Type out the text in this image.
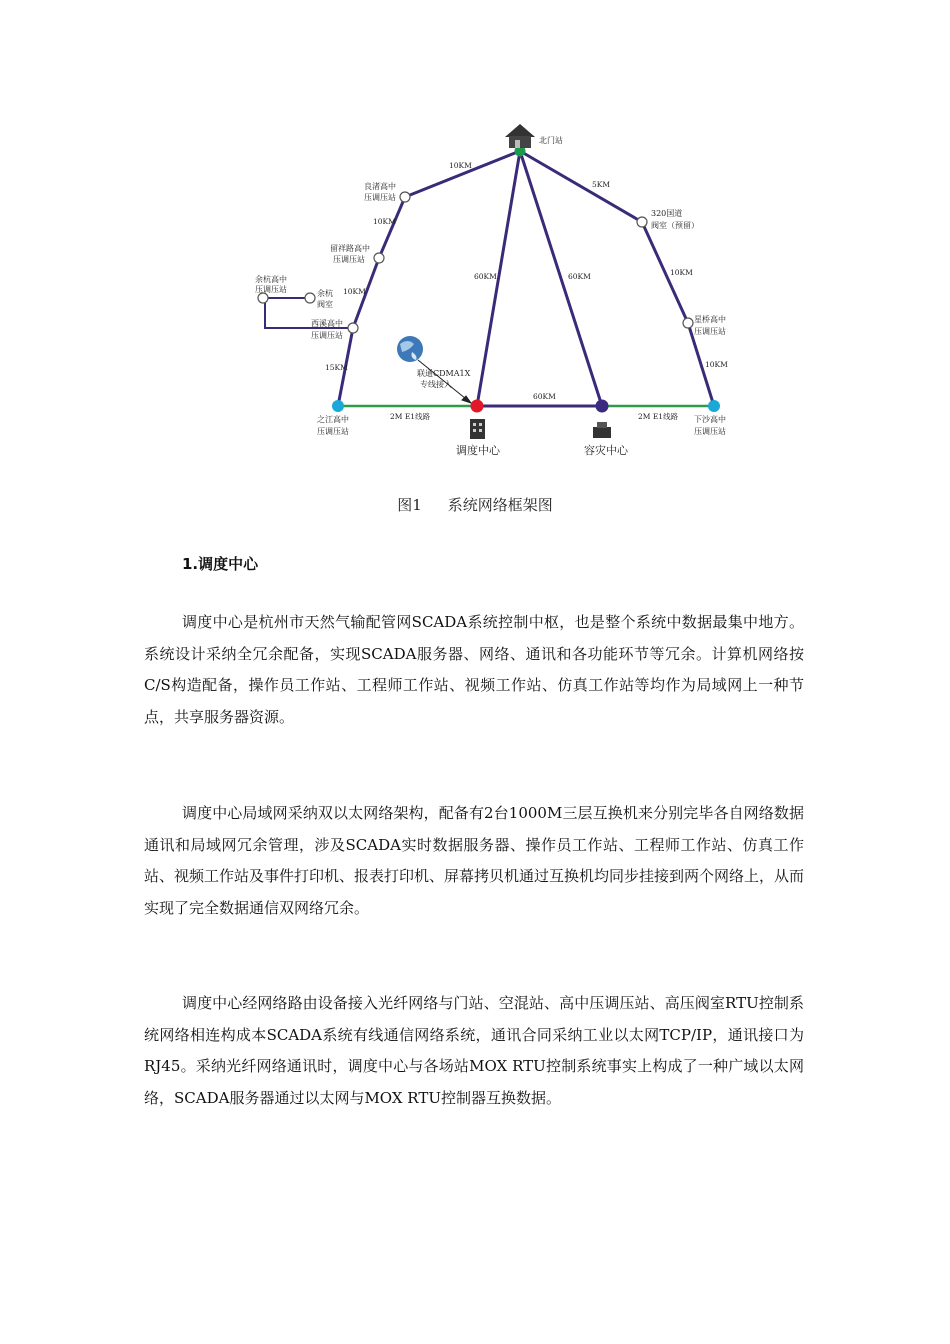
北门站
良渚高中
压调压站
留祥路高中
压调压站
余杭高中
压调压站	余杭
阀室
西溪高中
压调压站
之江高中
压调压站
320国道
阀室（预留）
星桥高中
压调压站
下沙高中
压调压站
联通CDMA1X
专线接入
调度中心	容灾中心
10KM
5KM
10KM
10KM
15KM
60KM	60KM
60KM
10KM
10KM
2M E1线路	2M E1线路
图1 系统网络框架图
1.调度中心

调度中心是杭州市天然气输配管网SCADA系统控制中枢，也是整个系统中数据最集中地方。系统设计采纳全冗余配备，实现SCADA服务器、网络、通讯和各功能环节等冗余。计算机网络按C/S构造配备，操作员工作站、工程师工作站、视频工作站、仿真工作站等均作为局域网上一种节点，共享服务器资源。

调度中心局域网采纳双以太网络架构，配备有2台1000M三层互换机来分别完毕各自网络数据通讯和局域网冗余管理，涉及SCADA实时数据服务器、操作员工作站、工程师工作站、仿真工作站、视频工作站及事件打印机、报表打印机、屏幕拷贝机通过互换机均同步挂接到两个网络上，从而实现了完全数据通信双网络冗余。

调度中心经网络路由设备接入光纤网络与门站、空混站、高中压调压站、高压阀室RTU控制系统网络相连构成本SCADA系统有线通信网络系统，通讯合同采纳工业以太网TCP/IP，通讯接口为RJ45。采纳光纤网络通讯时，调度中心与各场站MOX RTU控制系统事实上构成了一种广域以太网络，SCADA服务器通过以太网与MOX RTU控制器互换数据。
